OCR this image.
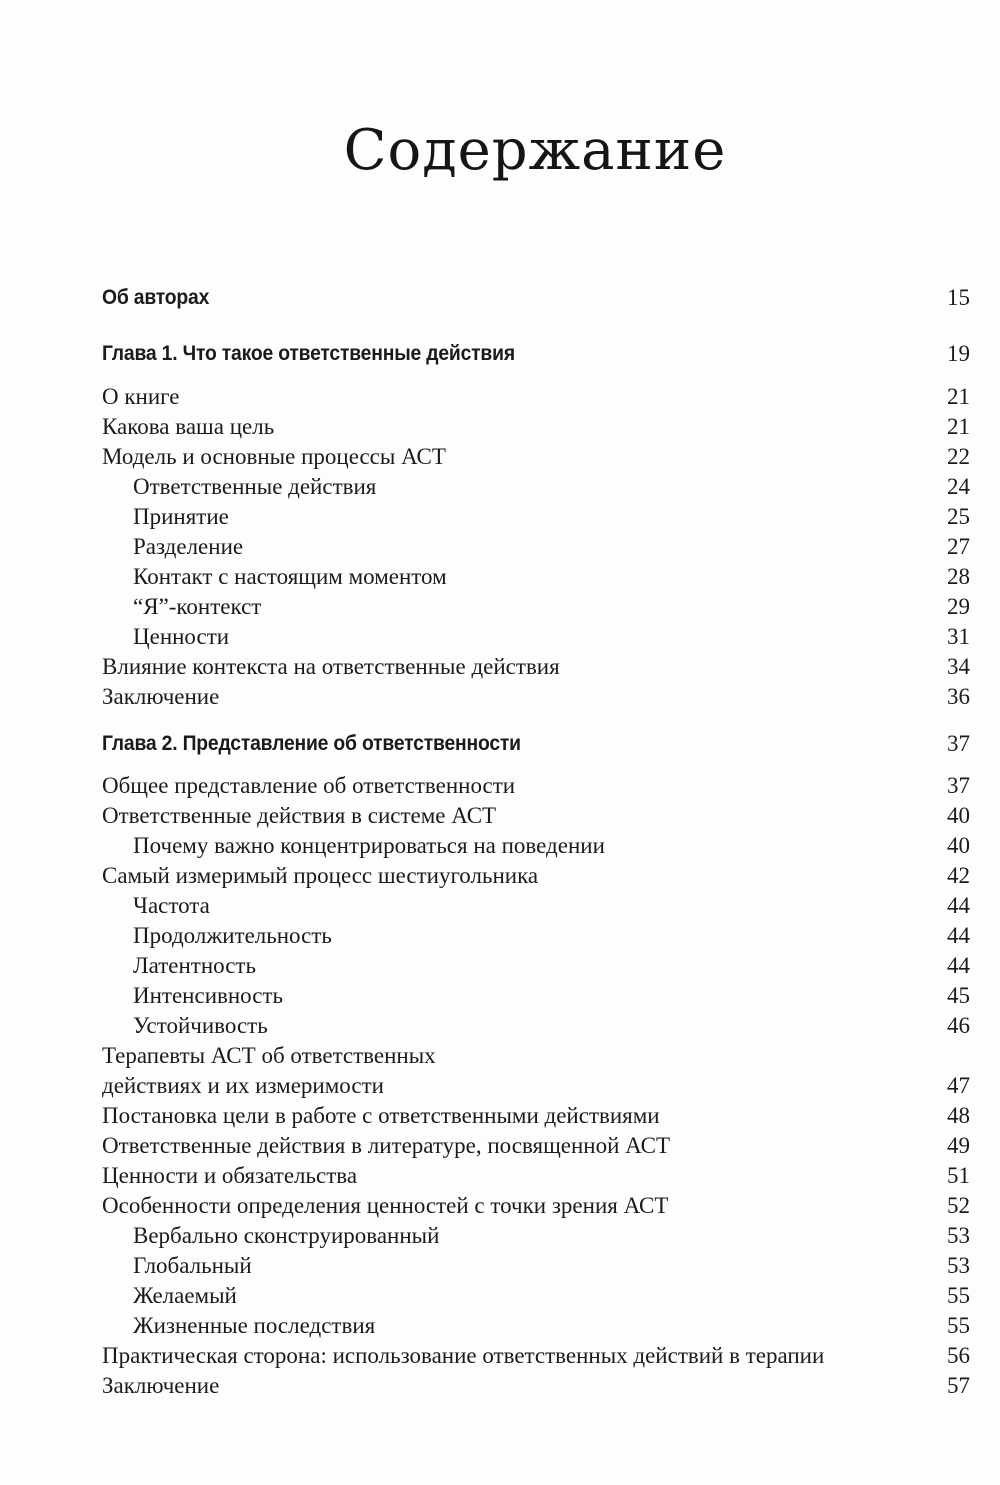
Содержание
Об авторах	15
Глава 1. Что такое ответственные действия	19
О книге	21
Какова ваша цель	21
Модель и основные процессы АСТ	22
Ответственные действия	24
Принятие	25
Разделение	27
Контакт с настоящим моментом	28
“Я”-контекст	29
Ценности	31
Влияние контекста на ответственные действия	34
Заключение	36
Глава 2. Представление об ответственности	37
Общее представление об ответственности	37
Ответственные действия в системе АСТ	40
Почему важно концентрироваться на поведении	40
Самый измеримый процесс шестиугольника	42
Частота	44
Продолжительность	44
Латентность	44
Интенсивность	45
Устойчивость	46
Терапевты АСТ об ответственных
действиях и их измеримости	47
Постановка цели в работе с ответственными действиями	48
Ответственные действия в литературе, посвященной АСТ	49
Ценности и обязательства	51
Особенности определения ценностей с точки зрения АСТ	52
Вербально сконструированный	53
Глобальный	53
Желаемый	55
Жизненные последствия	55
Практическая сторона: использование ответственных действий в терапии	56
Заключение	57
